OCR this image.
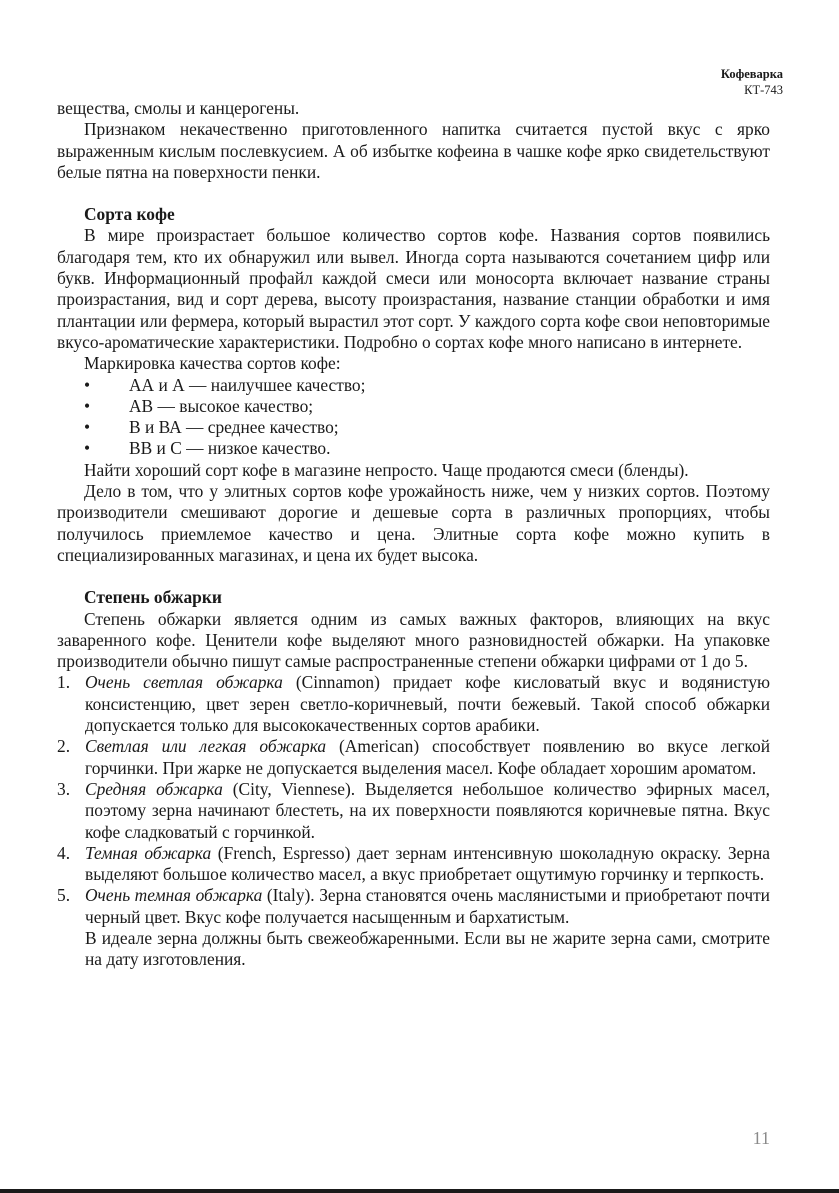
Кофеварка
КТ-743
вещества, смолы и канцерогены.
Признаком некачественно приготовленного напитка считается пустой вкус с ярко выраженным кислым послевкусием. А об избытке кофеина в чашке кофе ярко свидетельствуют белые пятна на поверхности пенки.
Сорта кофе
В мире произрастает большое количество сортов кофе. Названия сортов появились благодаря тем, кто их обнаружил или вывел. Иногда сорта называются сочетанием цифр или букв. Информационный профайл каждой смеси или моносорта включает название страны произрастания, вид и сорт дерева, высоту произрастания, название станции обработки и имя плантации или фермера, который вырастил этот сорт. У каждого сорта кофе свои неповторимые вкусо-ароматические характеристики. Подробно о сортах кофе много написано в интернете.
Маркировка качества сортов кофе:
• АА и А — наилучшее качество;
• АВ — высокое качество;
• В и ВА — среднее качество;
• ВВ и С — низкое качество.
Найти хороший сорт кофе в магазине непросто. Чаще продаются смеси (бленды).
Дело в том, что у элитных сортов кофе урожайность ниже, чем у низких сортов. Поэтому производители смешивают дорогие и дешевые сорта в различных пропорциях, чтобы получилось приемлемое качество и цена. Элитные сорта кофе можно купить в специализированных магазинах, и цена их будет высока.
Степень обжарки
Степень обжарки является одним из самых важных факторов, влияющих на вкус заваренного кофе. Ценители кофе выделяют много разновидностей обжарки. На упаковке производители обычно пишут самые распространенные степени обжарки цифрами от 1 до 5.
1. Очень светлая обжарка (Cinnamon) придает кофе кисловатый вкус и водянистую консистенцию, цвет зерен светло-коричневый, почти бежевый. Такой способ обжарки допускается только для высококачественных сортов арабики.
2. Светлая или легкая обжарка (American) способствует появлению во вкусе легкой горчинки. При жарке не допускается выделения масел. Кофе обладает хорошим ароматом.
3. Средняя обжарка (City, Viennese). Выделяется небольшое количество эфирных масел, поэтому зерна начинают блестеть, на их поверхности появляются коричневые пятна. Вкус кофе сладковатый с горчинкой.
4. Темная обжарка (French, Espresso) дает зернам интенсивную шоколадную окраску. Зерна выделяют большое количество масел, а вкус приобретает ощутимую горчинку и терпкость.
5. Очень темная обжарка (Italy). Зерна становятся очень маслянистыми и приобретают почти черный цвет. Вкус кофе получается насыщенным и бархатистым.
В идеале зерна должны быть свежеобжаренными. Если вы не жарите зерна сами, смотрите на дату изготовления.
11
